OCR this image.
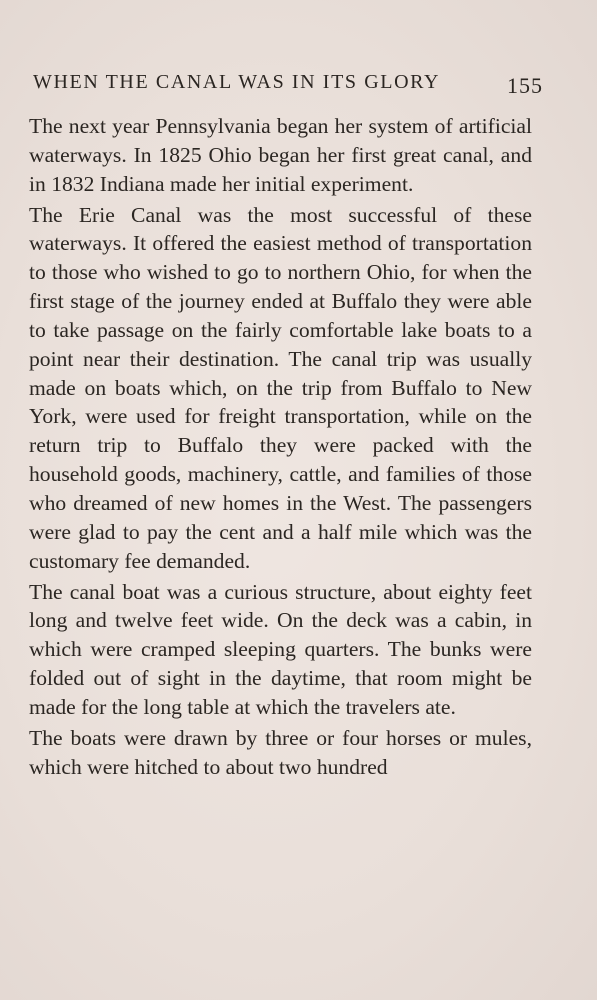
WHEN THE CANAL WAS IN ITS GLORY	155

The next year Pennsylvania began her system of artificial waterways. In 1825 Ohio began her first great canal, and in 1832 Indiana made her initial experiment.

The Erie Canal was the most successful of these waterways. It offered the easiest method of transportation to those who wished to go to northern Ohio, for when the first stage of the journey ended at Buffalo they were able to take passage on the fairly comfortable lake boats to a point near their destination. The canal trip was usually made on boats which, on the trip from Buffalo to New York, were used for freight transportation, while on the return trip to Buffalo they were packed with the household goods, machinery, cattle, and families of those who dreamed of new homes in the West. The passengers were glad to pay the cent and a half mile which was the customary fee demanded.

The canal boat was a curious structure, about eighty feet long and twelve feet wide. On the deck was a cabin, in which were cramped sleeping quarters. The bunks were folded out of sight in the daytime, that room might be made for the long table at which the travelers ate.

The boats were drawn by three or four horses or mules, which were hitched to about two hundred
